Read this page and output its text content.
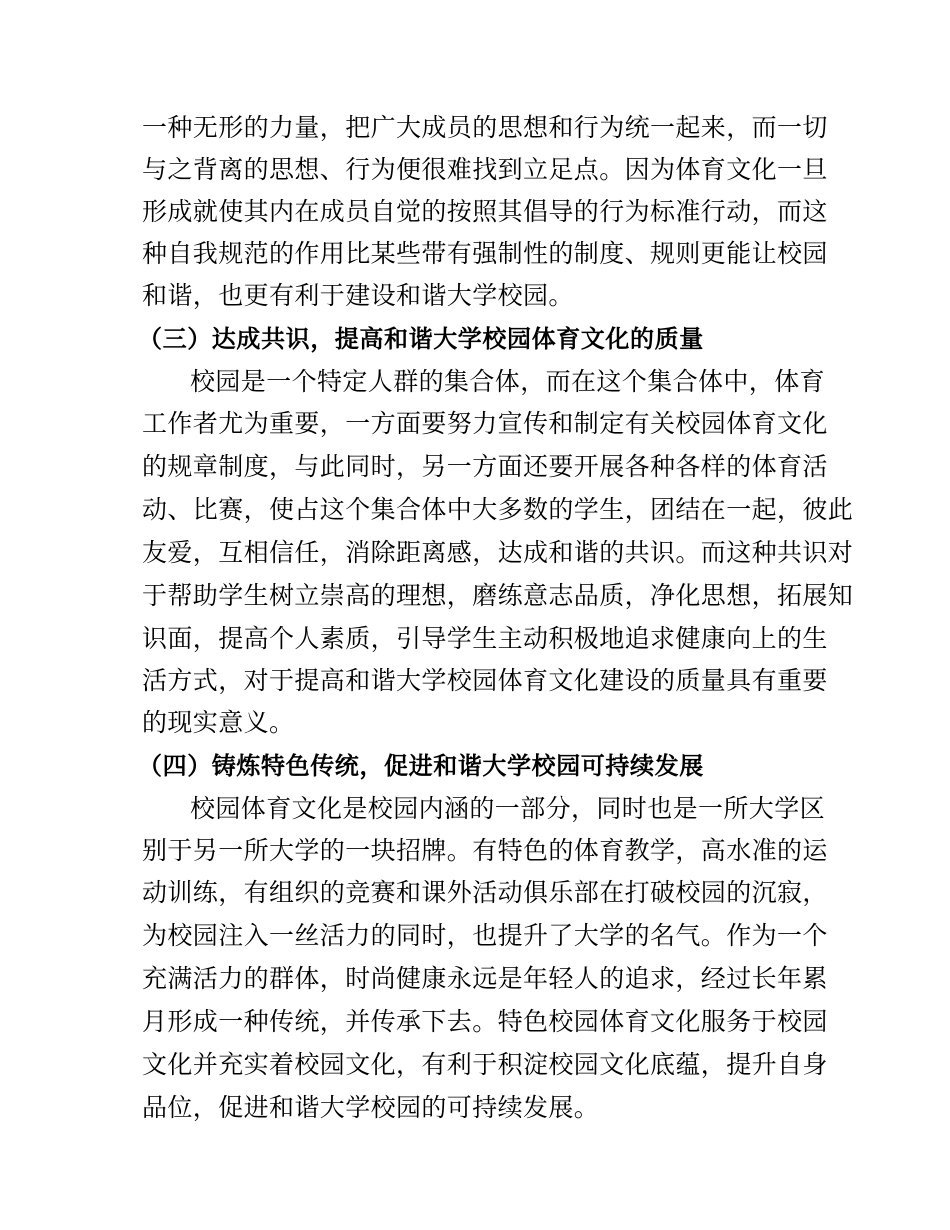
一种无形的力量，把广大成员的思想和行为统一起来，而一切
与之背离的思想、行为便很难找到立足点。因为体育文化一旦
形成就使其内在成员自觉的按照其倡导的行为标准行动，而这
种自我规范的作用比某些带有强制性的制度、规则更能让校园
和谐，也更有利于建设和谐大学校园。
（三）达成共识，提高和谐大学校园体育文化的质量
校园是一个特定人群的集合体，而在这个集合体中，体育
工作者尤为重要，一方面要努力宣传和制定有关校园体育文化
的规章制度，与此同时，另一方面还要开展各种各样的体育活
动、比赛，使占这个集合体中大多数的学生，团结在一起，彼此
友爱，互相信任，消除距离感，达成和谐的共识。而这种共识对
于帮助学生树立崇高的理想，磨练意志品质，净化思想，拓展知
识面，提高个人素质，引导学生主动积极地追求健康向上的生
活方式，对于提高和谐大学校园体育文化建设的质量具有重要
的现实意义。
（四）铸炼特色传统，促进和谐大学校园可持续发展
校园体育文化是校园内涵的一部分，同时也是一所大学区
别于另一所大学的一块招牌。有特色的体育教学，高水准的运
动训练，有组织的竞赛和课外活动俱乐部在打破校园的沉寂，
为校园注入一丝活力的同时，也提升了大学的名气。作为一个
充满活力的群体，时尚健康永远是年轻人的追求，经过长年累
月形成一种传统，并传承下去。特色校园体育文化服务于校园
文化并充实着校园文化，有利于积淀校园文化底蕴，提升自身
品位，促进和谐大学校园的可持续发展。
